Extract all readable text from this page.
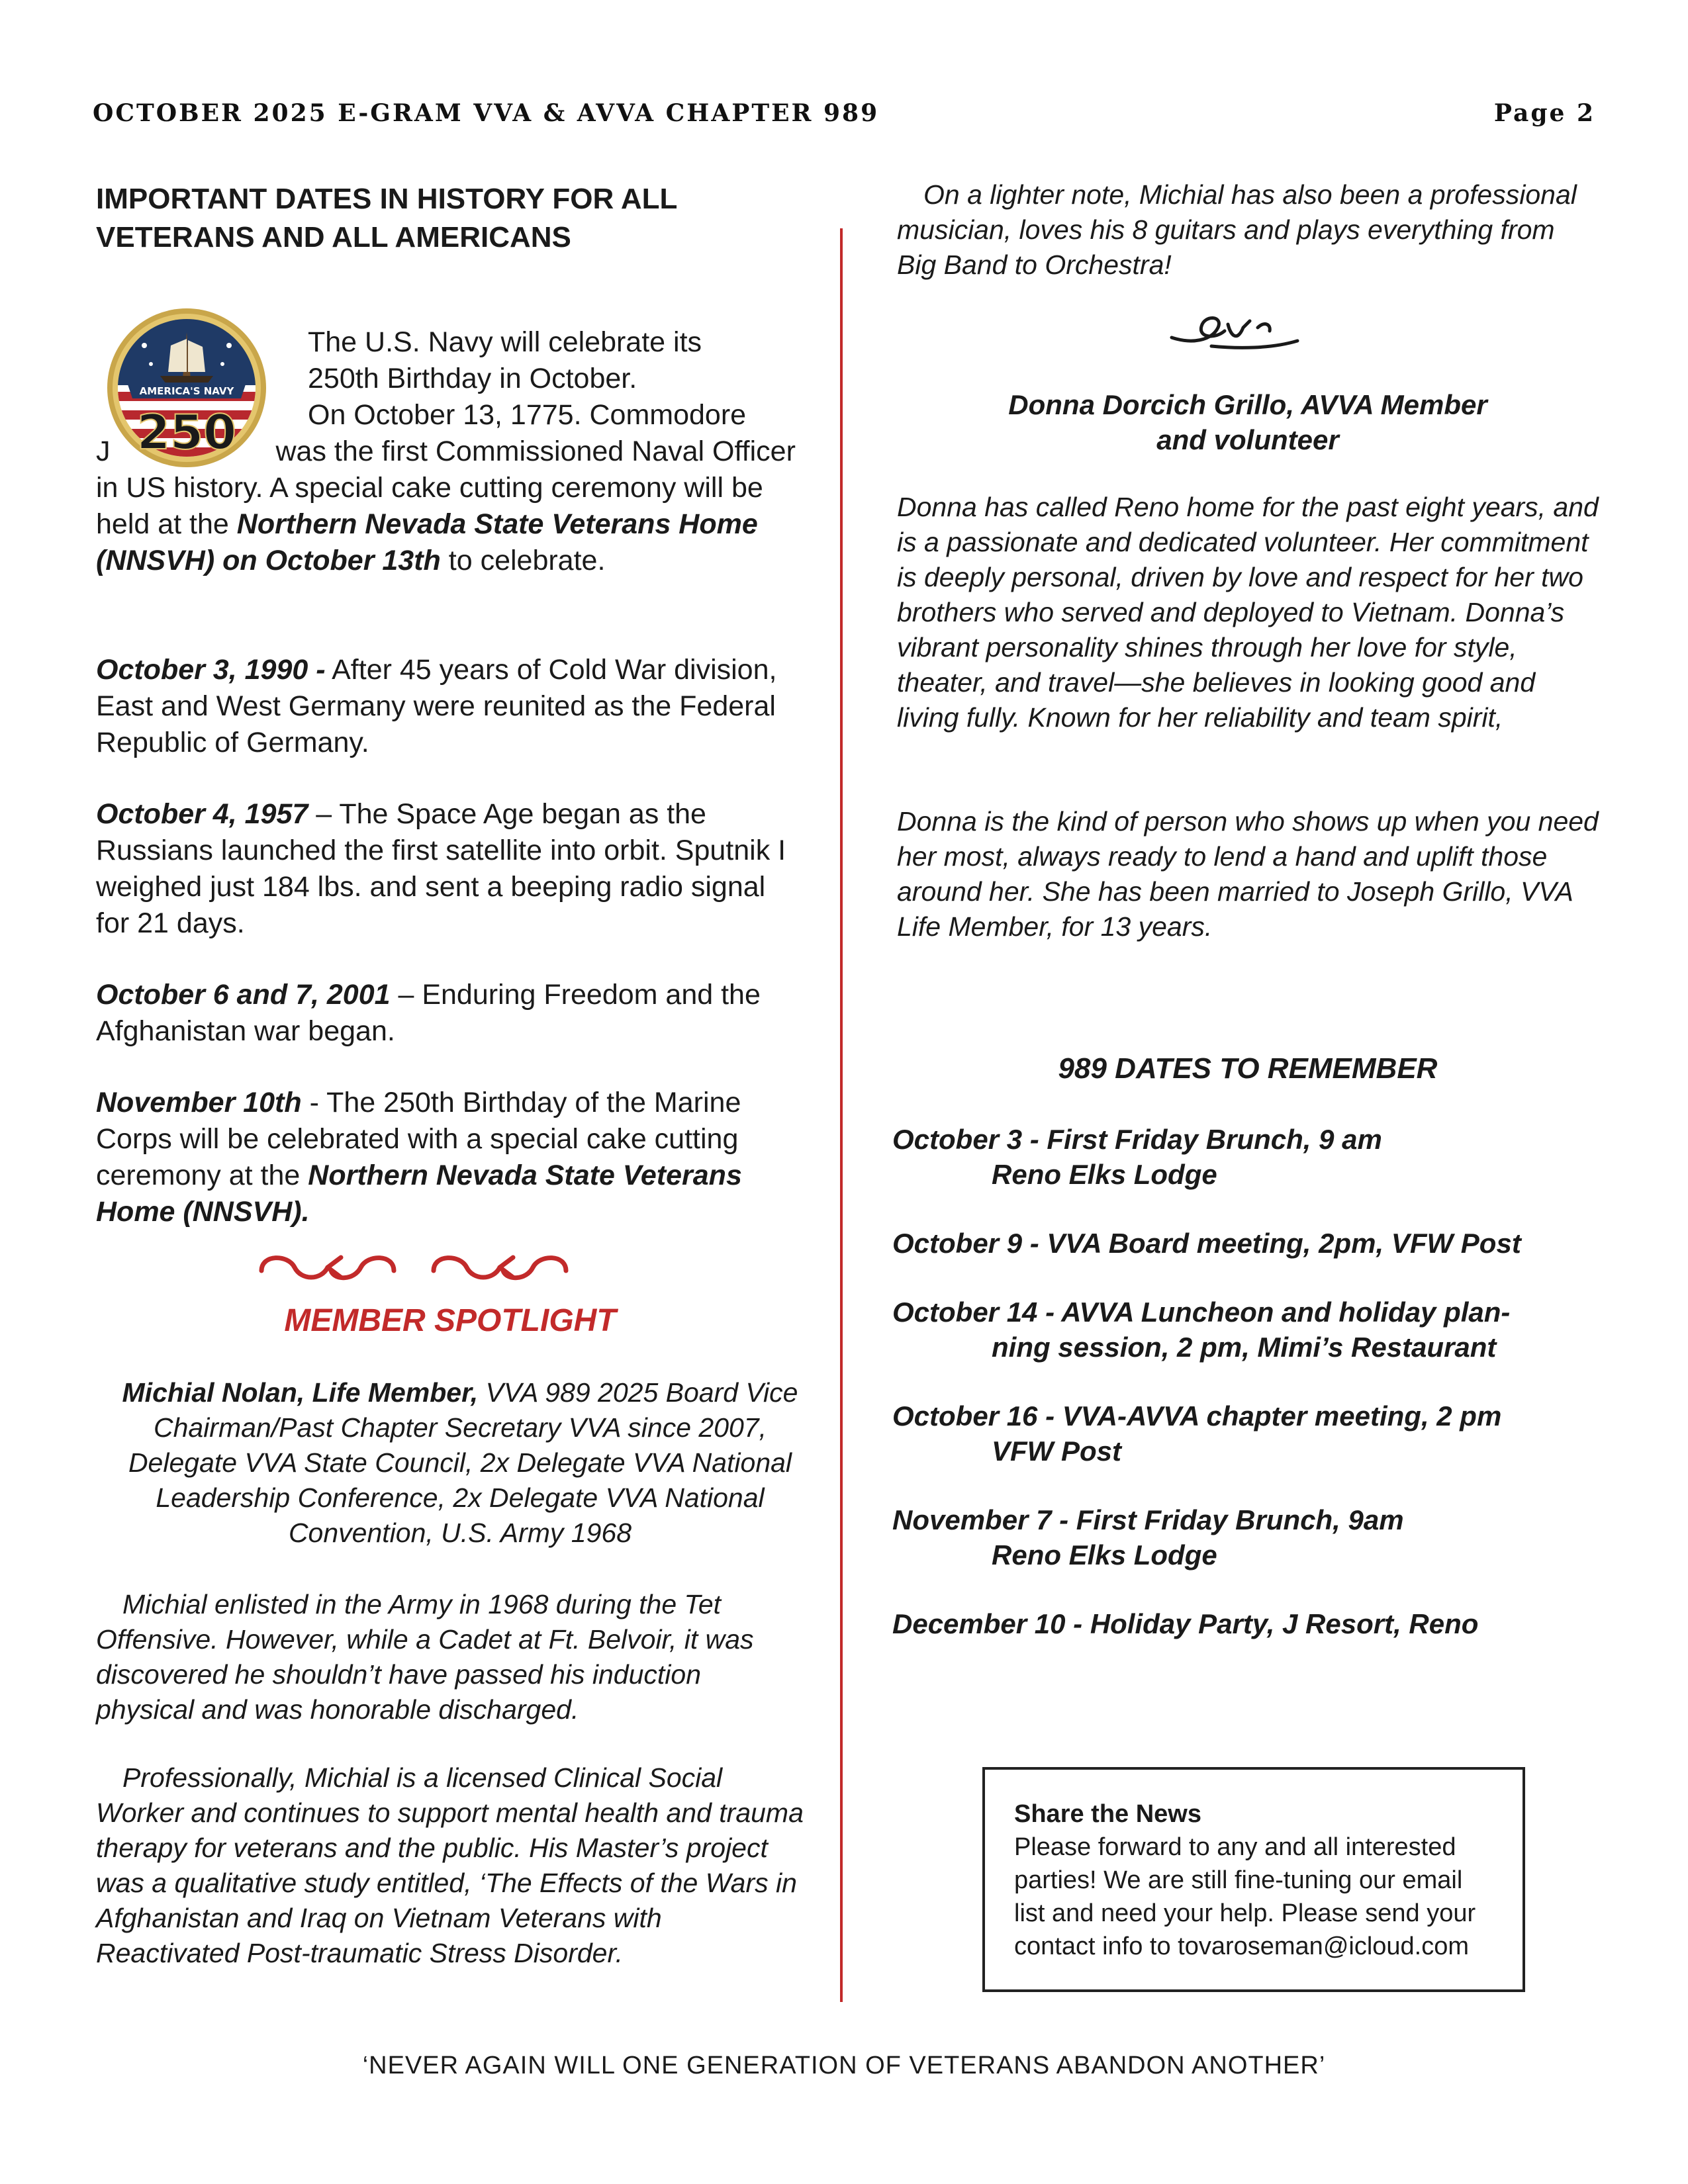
OCTOBER 2025 E-GRAM VVA & AVVA CHAPTER 989	Page 2
IMPORTANT DATES IN HISTORY FOR ALL VETERANS AND ALL AMERICANS
AMERICA'S NAVY
250
The U.S. Navy will celebrate its
250th Birthday in October.
On October 13, 1775. Commodore
J	was the first Commissioned Naval Officer in US history. A special cake cutting ceremony will be held at the Northern Nevada State Veterans Home (NNSVH) on October 13th to celebrate.

October 3, 1990 - After 45 years of Cold War division, East and West Germany were reunited as the Federal Republic of Germany.

October 4, 1957 – The Space Age began as the Russians launched the first satellite into orbit. Sputnik I weighed just 184 lbs. and sent a beeping radio signal for 21 days.

October 6 and 7, 2001 – Enduring Freedom and the Afghanistan war began.

November 10th - The 250th Birthday of the Marine Corps will be celebrated with a special cake cutting ceremony at the Northern Nevada State Veterans Home (NNSVH).

MEMBER SPOTLIGHT
Michial Nolan, Life Member, VVA 989 2025 Board Vice Chairman/Past Chapter Secretary VVA since 2007, Delegate VVA State Council, 2x Delegate VVA National Leadership Conference, 2x Delegate VVA National Convention, U.S. Army 1968
Michial enlisted in the Army in 1968 during the Tet Offensive. However, while a Cadet at Ft. Belvoir, it was discovered he shouldn’t have passed his induction physical and was honorable discharged.
Professionally, Michial is a licensed Clinical Social Worker and continues to support mental health and trauma therapy for veterans and the public. His Master’s project was a qualitative study entitled, ‘The Effects of the Wars in Afghanistan and Iraq on Vietnam Veterans with Reactivated Post-traumatic Stress Disorder.
On a lighter note, Michial has also been a professional musician, loves his 8 guitars and plays everything from Big Band to Orchestra!
Donna Dorcich Grillo, AVVA Member
and volunteer
Donna has called Reno home for the past eight years, and is a passionate and dedicated volunteer. Her commitment is deeply personal, driven by love and respect for her two brothers who served and deployed to Vietnam. Donna’s vibrant personality shines through her love for style, theater, and travel—she believes in looking good and living fully. Known for her reliability and team spirit,
Donna is the kind of person who shows up when you need her most, always ready to lend a hand and uplift those around her. She has been married to Joseph Grillo, VVA Life Member, for 13 years.
989 DATES TO REMEMBER
October 3 - First Friday Brunch, 9 am
Reno Elks Lodge
October 9 - VVA Board meeting, 2pm, VFW Post
October 14 - AVVA Luncheon and holiday plan-
ning session, 2 pm, Mimi’s Restaurant
October 16 - VVA-AVVA chapter meeting, 2 pm
VFW Post
November 7 - First Friday Brunch, 9am
Reno Elks Lodge
December 10 - Holiday Party, J Resort, Reno
Share the News
Please forward to any and all interested parties! We are still fine-tuning our email list and need your help. Please send your contact info to tovaroseman@icloud.com
‘NEVER AGAIN WILL ONE GENERATION OF VETERANS ABANDON ANOTHER’
